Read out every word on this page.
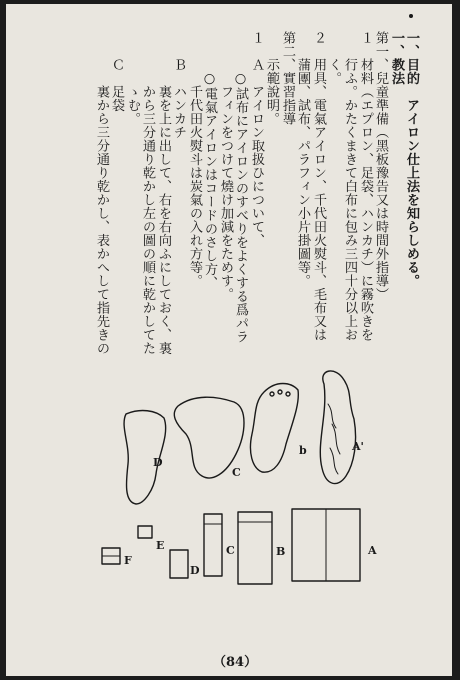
一、目的　アイロン仕上法を知らしめる。
一、教法
第一、兒童準備（黑板豫告又は時間外指導）
１　材料（エプロン、足袋、ハンカチ）に霧吹きを
　　行ふ。かたくまきて白布に包み三四十分以上お
　　く。
２　用具、電氣アイロン、千代田火熨斗、毛布又は
　　蒲團、試布、パラフィン小片掛圖等。
第二、實習指導
　　示範說明。
１　Ａ　アイロン取扱ひについて、
　　　○試布にアイロンのすべりをよくする爲パラ
　　　　フィンをつけて燒け加減をためす。
　　　○電氣アイロンはコードのさし方、
　　　　千代田火熨斗は炭氣の入れ方等。
　　Ｂ　ハンカチ
　　　　裏を上に出して、右を右向ふにしておく、裏
　　　　から三分通り乾かし左の圖の順に乾かしてた
　　　　ゝむ。
　　Ｃ　足袋
　　　　裏から三分通り乾かし、表かへして指先きの
A'
b
C
D
A
B
C
D
E
F
（84）
